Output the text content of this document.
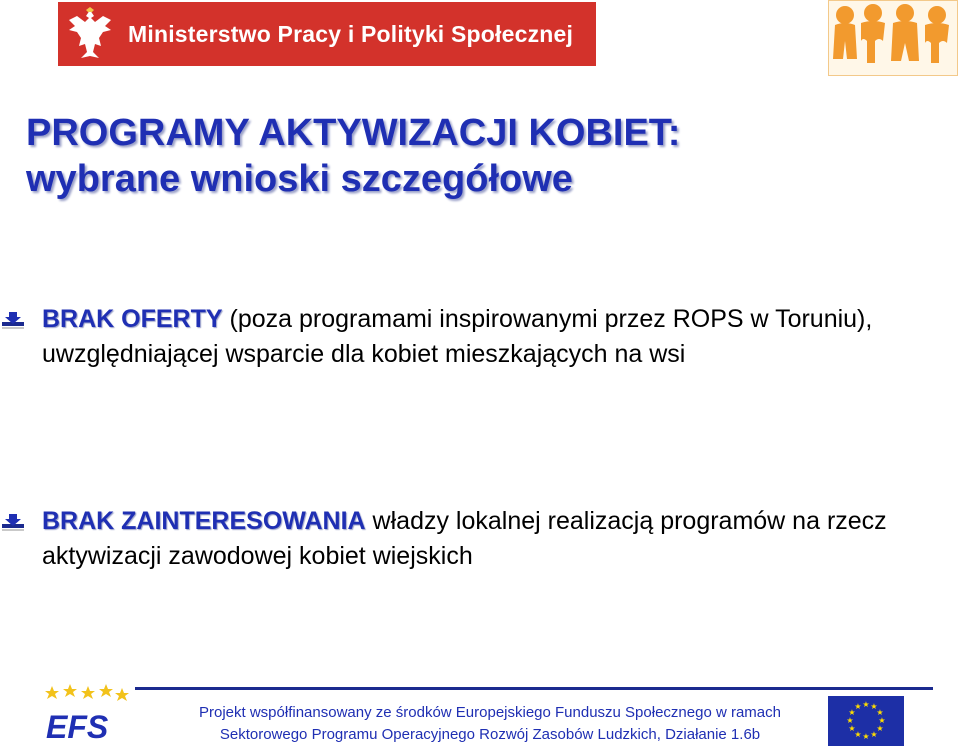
Ministerstwo Pracy i Polityki Społecznej
PROGRAMY AKTYWIZACJI KOBIET:
wybrane wnioski szczegółowe
BRAK OFERTY (poza programami inspirowanymi przez ROPS w Toruniu), uwzględniającej wsparcie dla kobiet mieszkających na wsi
BRAK ZAINTERESOWANIA władzy lokalnej realizacją programów na rzecz aktywizacji zawodowej kobiet wiejskich
EFS	Projekt współfinansowany ze środków Europejskiego Funduszu Społecznego w ramach
Sektorowego Programu Operacyjnego Rozwój Zasobów Ludzkich, Działanie 1.6b
★ ★
★
★
★
★
★
★
★
★
★
★
